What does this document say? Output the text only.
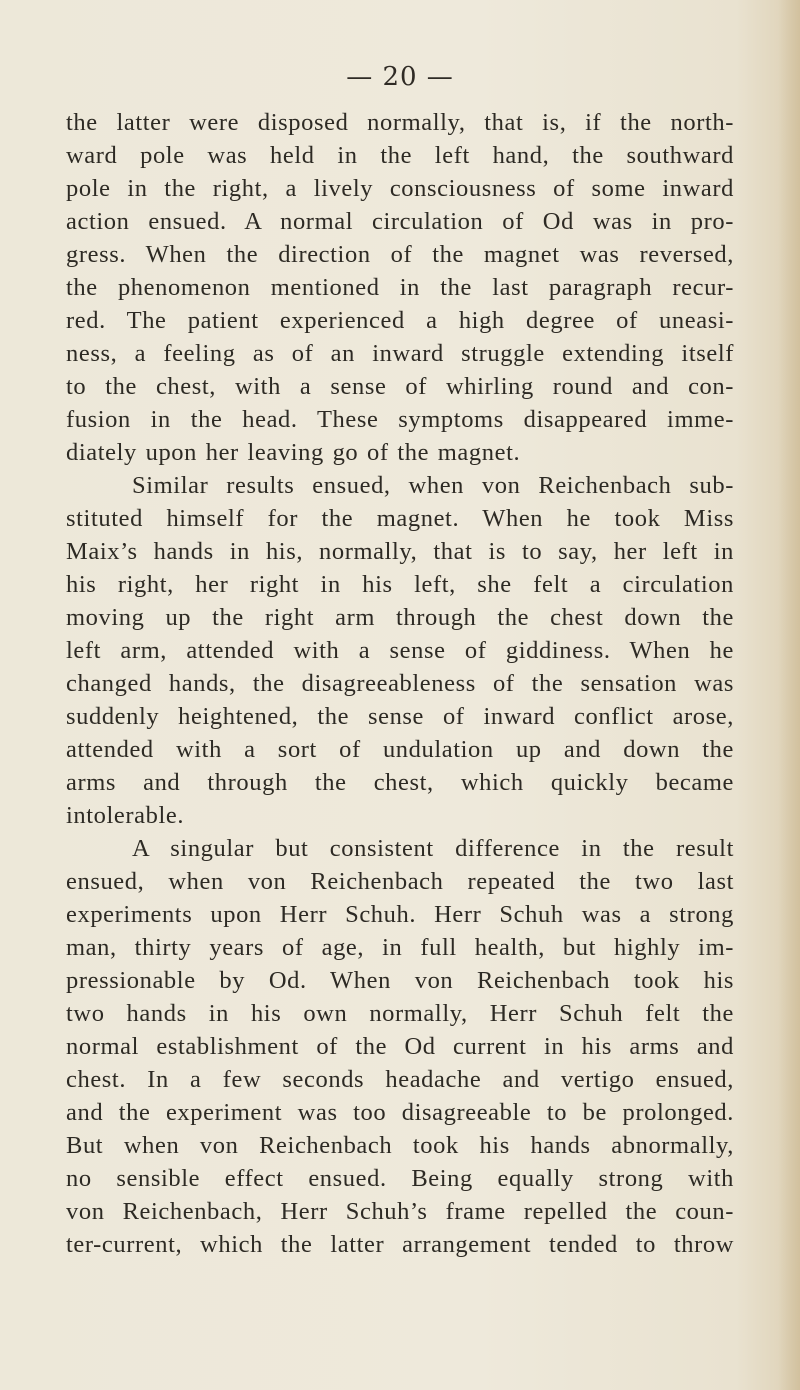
— 20 —
the latter were disposed normally, that is, if the north-
ward pole was held in the left hand, the southward
pole in the right, a lively consciousness of some inward
action ensued. A normal circulation of Od was in pro-
gress. When the direction of the magnet was reversed,
the phenomenon mentioned in the last paragraph recur-
red. The patient experienced a high degree of uneasi-
ness, a feeling as of an inward struggle extending itself
to the chest, with a sense of whirling round and con-
fusion in the head. These symptoms disappeared imme-
diately upon her leaving go of the magnet.
Similar results ensued, when von Reichenbach sub-
stituted himself for the magnet. When he took Miss
Maix’s hands in his, normally, that is to say, her left in
his right, her right in his left, she felt a circulation
moving up the right arm through the chest down the
left arm, attended with a sense of giddiness. When he
changed hands, the disagreeableness of the sensation was
suddenly heightened, the sense of inward conflict arose,
attended with a sort of undulation up and down the
arms and through the chest, which quickly became
intolerable.
A singular but consistent difference in the result
ensued, when von Reichenbach repeated the two last
experiments upon Herr Schuh. Herr Schuh was a strong
man, thirty years of age, in full health, but highly im-
pressionable by Od. When von Reichenbach took his
two hands in his own normally, Herr Schuh felt the
normal establishment of the Od current in his arms and
chest. In a few seconds headache and vertigo ensued,
and the experiment was too disagreeable to be prolonged.
But when von Reichenbach took his hands abnormally,
no sensible effect ensued. Being equally strong with
von Reichenbach, Herr Schuh’s frame repelled the coun-
ter-current, which the latter arrangement tended to throw
